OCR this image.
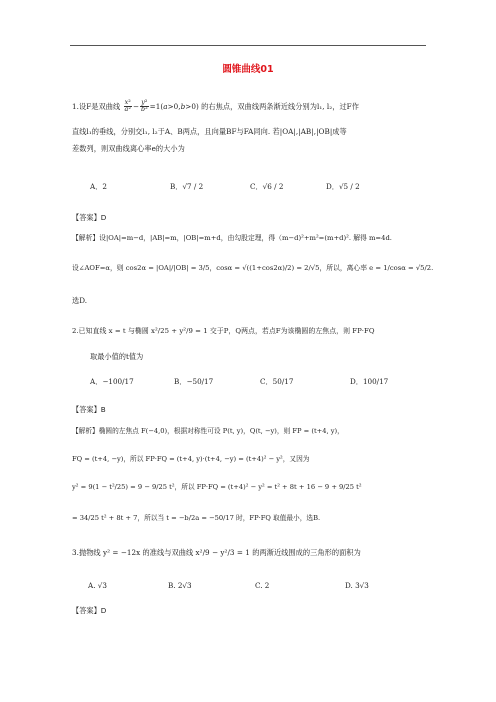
圆锥曲线01
1.设F是双曲线 $\frac{\text{x²}}{\text{a²}} - \frac{\text{y²}}{\text{b²}} =1(a>0,b>0)$ 的右焦点，双曲线两条渐近线分别为l₁, l₂，过F作
直线l₁的垂线，分别交l₁, l₂于A、B两点，且向量BF与FA同向. 若|OA|,|AB|,|OB|成等
差数列，则双曲线离心率e的大小为
A．2	B．√7 / 2	C．√6 / 2	D．√5 / 2
【答案】D
【解析】设|OA|=m−d，|AB|=m，|OB|=m+d，由勾股定理，得（m−d)²+m²=(m+d)². 解得 m=4d.
设∠AOF=α，则 cos2α = |OA|/|OB| = 3/5，cosα = √((1+cos2α)/2) = 2/√5，所以，离心率 e = 1/cosα = √5/2.
选D.
2.已知直线 x = t 与椭圆 x²/25 + y²/9 = 1 交于P，Q两点，若点F为该椭圆的左焦点，则 FP·FQ
取最小值的t值为
A．−100/17	B．−50/17	C．50/17	D．100/17
【答案】B
【解析】椭圆的左焦点 F(−4,0)，根据对称性可设 P(t, y)，Q(t, −y)，则 FP = (t+4, y)，
FQ = (t+4, −y)，所以 FP·FQ = (t+4, y)·(t+4, −y) = (t+4)² − y²，又因为
y² = 9(1 − t²/25) = 9 − 9/25 t²，所以 FP·FQ = (t+4)² − y² = t² + 8t + 16 − 9 + 9/25 t²
= 34/25 t² + 8t + 7，所以当 t = −b/2a = −50/17 时，FP·FQ 取值最小，选B.
3.抛物线 y² = −12x 的准线与双曲线 x²/9 − y²/3 = 1 的两渐近线围成的三角形的面积为
A. √3	B. 2√3	C. 2	D. 3√3
【答案】D
